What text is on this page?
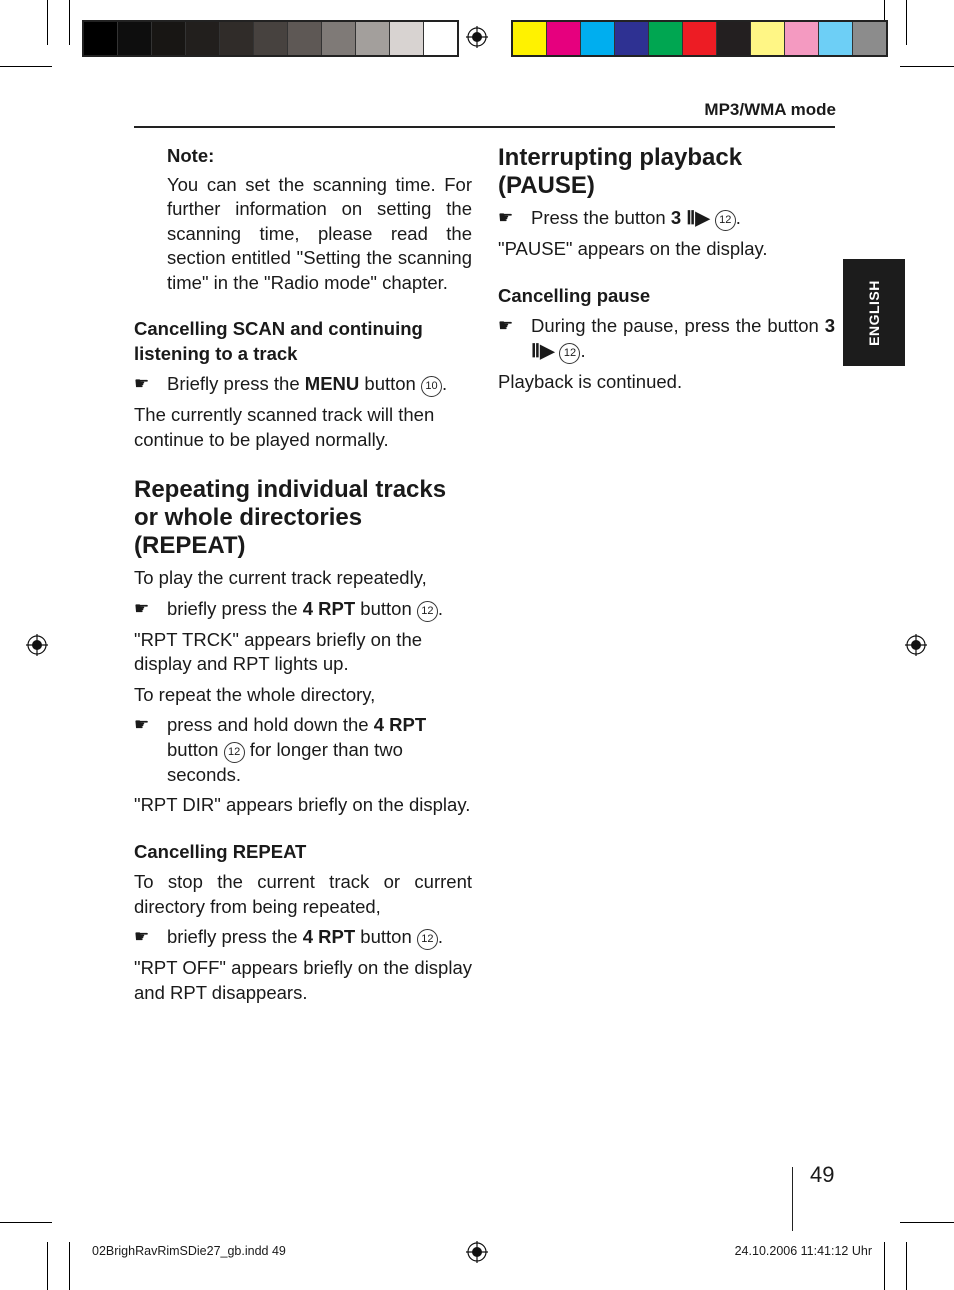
MP3/WMA mode
ENGLISH

Note:

You can set the scanning time. For further information on setting the scanning time, please read the section entitled "Setting the scanning time" in the "Radio mode" chapter.

Cancelling SCAN and continuing listening to a track

☛ Briefly press the MENU button 10 .

The currently scanned track will then continue to be played normally.

Repeating individual tracks or whole directories (REPEAT)

To play the current track repeatedly,

☛ briefly press the 4 RPT button 12 .

"RPT TRCK" appears briefly on the display and RPT lights up.

To repeat the whole directory,

☛ press and hold down the 4 RPT button 12 for longer than two seconds.

"RPT DIR" appears briefly on the display.

Cancelling REPEAT

To stop the current track or current directory from being repeated,

☛ briefly press the 4 RPT button 12 .

"RPT OFF" appears briefly on the display and RPT disappears.

Interrupting playback (PAUSE)

☛ Press the button 3 Ⅱ▶ 12 .

"PAUSE" appears on the display.

Cancelling pause

☛ During the pause, press the button 3 Ⅱ▶ 12 .

Playback is continued.

49
02BrighRavRimSDie27_gb.indd 49	24.10.2006 11:41:12 Uhr
